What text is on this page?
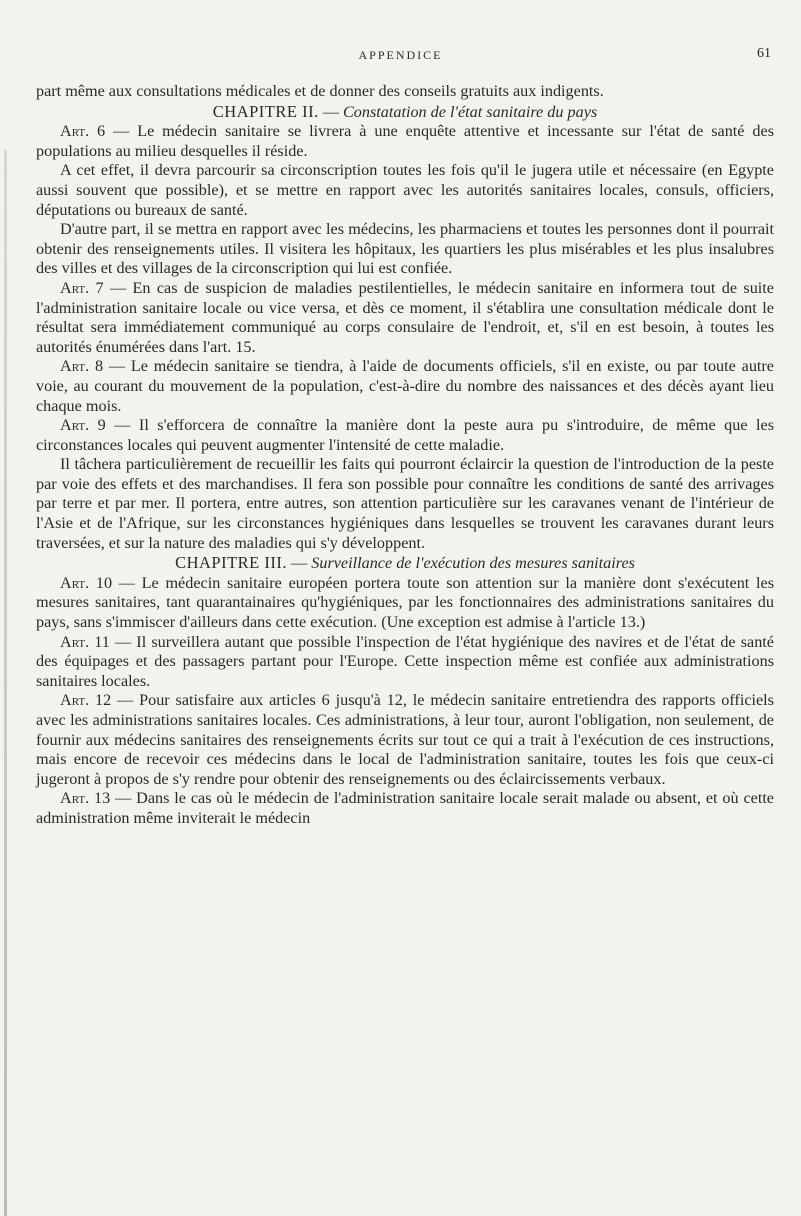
APPENDICE	61

part même aux consultations médicales et de donner des conseils gratuits aux indigents.

CHAPITRE II. — Constatation de l'état sanitaire du pays

Art. 6 — Le médecin sanitaire se livrera à une enquête attentive et incessante sur l'état de santé des populations au milieu desquelles il réside.

A cet effet, il devra parcourir sa circonscription toutes les fois qu'il le jugera utile et nécessaire (en Egypte aussi souvent que possible), et se mettre en rapport avec les autorités sanitaires locales, consuls, officiers, députations ou bureaux de santé.

D'autre part, il se mettra en rapport avec les médecins, les pharmaciens et toutes les personnes dont il pourrait obtenir des renseignements utiles. Il visitera les hôpitaux, les quartiers les plus misérables et les plus insalubres des villes et des villages de la circonscription qui lui est confiée.

Art. 7 — En cas de suspicion de maladies pestilentielles, le médecin sanitaire en informera tout de suite l'administration sanitaire locale ou vice versa, et dès ce moment, il s'établira une consultation médicale dont le résultat sera immédiatement communiqué au corps consulaire de l'endroit, et, s'il en est besoin, à toutes les autorités énumérées dans l'art. 15.

Art. 8 — Le médecin sanitaire se tiendra, à l'aide de documents officiels, s'il en existe, ou par toute autre voie, au courant du mouvement de la population, c'est-à-dire du nombre des naissances et des décès ayant lieu chaque mois.

Art. 9 — Il s'efforcera de connaître la manière dont la peste aura pu s'introduire, de même que les circonstances locales qui peuvent augmenter l'intensité de cette maladie.

Il tâchera particulièrement de recueillir les faits qui pourront éclaircir la question de l'introduction de la peste par voie des effets et des marchandises. Il fera son possible pour connaître les conditions de santé des arrivages par terre et par mer. Il portera, entre autres, son attention particulière sur les caravanes venant de l'intérieur de l'Asie et de l'Afrique, sur les circonstances hygiéniques dans lesquelles se trouvent les caravanes durant leurs traversées, et sur la nature des maladies qui s'y développent.

CHAPITRE III. — Surveillance de l'exécution des mesures sanitaires

Art. 10 — Le médecin sanitaire européen portera toute son attention sur la manière dont s'exécutent les mesures sanitaires, tant quarantainaires qu'hygiéniques, par les fonctionnaires des administrations sanitaires du pays, sans s'immiscer d'ailleurs dans cette exécution. (Une exception est admise à l'article 13.)

Art. 11 — Il surveillera autant que possible l'inspection de l'état hygiénique des navires et de l'état de santé des équipages et des passagers partant pour l'Europe. Cette inspection même est confiée aux administrations sanitaires locales.

Art. 12 — Pour satisfaire aux articles 6 jusqu'à 12, le médecin sanitaire entretiendra des rapports officiels avec les administrations sanitaires locales. Ces administrations, à leur tour, auront l'obligation, non seulement, de fournir aux médecins sanitaires des renseignements écrits sur tout ce qui a trait à l'exécution de ces instructions, mais encore de recevoir ces médecins dans le local de l'administration sanitaire, toutes les fois que ceux-ci jugeront à propos de s'y rendre pour obtenir des renseignements ou des éclaircissements verbaux.

Art. 13 — Dans le cas où le médecin de l'administration sanitaire locale serait malade ou absent, et où cette administration même inviterait le médecin
